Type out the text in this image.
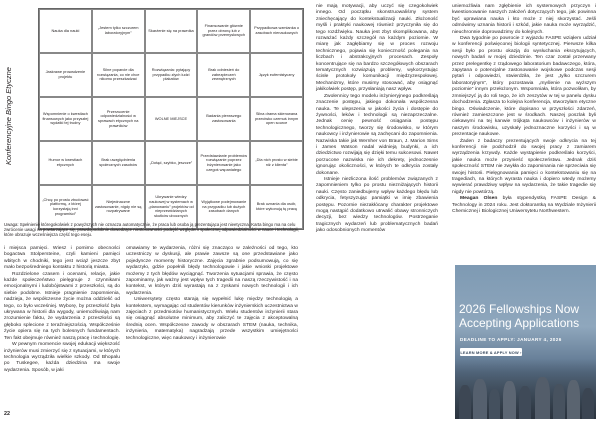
Konferencyjne Bingo Etyczne
Nauka dla nauki	„Jestem tylko szczurem laboratoryjnym”	Skarżenie się na prawnika
Finansowanie głównie przez obronę lub z grandów przemysłowych
Przypadkowa wzmianka o zasobach nienaukowych
Jaskrawe prowadzenie projektu
Silne poparcie dla rozwiązania, co nie chce nikomu przeszkadzać
Rozwiązania: pytający przypadku złych ludzi plakatów
Brak odniesień do zabezpieczeń zewnętrznych
Język eufemistyczny
Wspomnienie o kwestiach finansowych jako przyszłej wydatki tej trudny
Przerzucenie odpowiedzialności w sprawach etycznych na prawników
WOLNE MIEJSCE	Badania pierwszego zastosowania
Silna drama skierowana przeciwko czemuś innym open source
Humor w kwestiach etycznych
Brak uwzględnienia społecznych zasobów	„Dotąd, szybko, jeszcze”
Przedstawianie problemów rozwiązanie poprzez inżynierowanie jako czegoś wspaniałego
„Dla nich prosto w siebie niż z klienta”
„Chcę po prostu zbudować platformę, z której korzystają inni programiści”
Niejednaczne zastosowanie, nigdy nie są rozpatrywane
Ukrywanie wiedzy naukowej w systemach w „planowaniu” projektów od nieprzewidzianych skutków ubocznych
Wyjątkowe podejmowanie na przypadku lub dużych zasobach danych
Brak uznania dla osób, które wykonują tę pracę
Uwaga: Spełnienie któregokolwiek z powyższych nie oznacza automatycznie, że praca lub osoba ją prezentująca jest nieetyczna. Karta bingo ma na celu zwrócenie uwagi na powtarzające się, prawdopodobnie dowodzące niestosowności podejść względem społecznej odpowiedzialności w nauce i technologii, które obrazuje wcześniejsza część tego eseju.

i miejsca pamięci. Wiesz i pomimo obecności bogactwa Stolpersteine, czyli kamieni pamięci wbitych w chodniki, tego jest wciąż jeszcze zbyt mało bezpośredniego kontaktu z historią miasta.

Rozdzielone czasem i ocenami, relacje, jakie każde społeczeństwo pielęgnuje z czynnikami emocjonalnymi i ludobójstwami z przeszłości, są do siebie podobne. Istnieje pragnienie zapomnienia, nadzieja, że współczesne życie można oddzielić od tego, co było wcześniej. Wyborę, by przeszłość była ukrywana w historii dla wygody, uniemożliwiają nam zrozumienie faktu, że wydarzenia z przeszłości są głęboko splecione z teraźniejszością. Współcześnie życie opiera się na tych bolesnych fundamentach. Ten fakt obejmuje również naszą pracę i technologię.

W pewnym momencie swojej edukacji większość inżynierów musi zmierzyć się z sytuacjami, w których technologia wyrządziła wielkie szkody. Od Bhopalu po Tuskegee, każda dziedzina ma swoje wydarzenia. Sposób, w jaki

omawiamy te wydarzenia, różni się znacząco w zależności od tego, kto uczestniczy w dyskusji, ale prawie zawsze są one przedstawiane jako pojedyncze momenty historyczne. Zajęcia zgrabnie podsumowują, co się wydarzyło, gdzie popełnili błędy technologowie i jakie wnioski projektowe możemy z tych błędów wyciągnąć. Tworzenia sytuacjami sprawia, że często zapominamy, jak ważny jest wpływ tych tragedii na naszą rzeczywistość i na kontekst, w którym dziś wyrastają na z zyskami nowych technologii i ich wydarzenia.

Uniwersytety często starają się wypełnić lukę między technologią a kontekstem, wymagając od studentów kierunków inżynierskich uczestnictwa w zajęciach z przedmiotów humanistycznych. Wielu studentów inżynierii stara się osiągnąć absolutne minimum, aby zaliczyć te zajęcia z akceptowalną średnią ocen. Współczesne zawody w obszarach STEM (nauka, technika, inżynieria, matematyka) nagradzają przede wszystkim umiejętności technologiczne, więc naukowcy i inżynierowie

nie mają motywacji, aby uczyć się czegokolwiek innego. Od początku skonstruowaliśmy system zniechęcający do kontekstualizacji nauki. Złożoność myśli i praktyki naukowej również przyczyniła się do tego rozdźwięku. Nauka jest zbyt skomplikowana, aby rozważać każdy szczegół na każdym poziomie. W miarę jak zagłębiamy się w proces rozwoju technicznego, pojawia się konieczność polegania na liczbach i abstrakcyjnych procesach. Zespoły koncentrujące się na bardzo szczegółowych obszarach tematycznych rozwiązują problemy, wykorzystując ścisłe protokoły komunikacji międzyzespołowej. Mechanizmy, które musimy stosować, aby osiągnąć jakikolwiek postęp, przysłaniają nasz wpływ.

Zwolennicy tego modelu inżynieryjnego podkreślają znaczenie postępu, jakiego dokonała współczesna nauka. Te ulepszenia w jakości życia i dostępie do żywności, leków i technologii są niezaprzeczalne. Jednak cenię pewność osiągania postępu technologicznego, tworzy się środowisko, w którym naukowcy i inżynierowie są zachęcani do zapomnienia. Nazwiska takie jak Wernher von Braun, J. Marion Sims i James Watson nadal widnieją budynki, a ich dziedzictwo rozwijają się dzięki temu sukcesowi. Nawet porzucone nazwiska nie ich dekrety, jednoczesnie ignorując okoliczności, w których te odkrycia zostały dokonane.

Istnieje niezliczona ilość problemów związanych z zapomnieniem tylko po prostu niezniżających historii nauki. Często zaniedbujemy wpływ każdego błędu lub odkrycia, fetyszyzując pamiątki w imię zbawienia postępu. Pozornie niezakłócany charakter projektowe mogą nastąpić dodatkowo utrwalić obawy stronniczych decyzji, bez wiedzy technologów. Postrzeganie tragicznych wydarzeń lub problematycznych badań jako odosobnionych momentów

uniemożliwia nam zgłębienie ich systemowych przyczyn i kwestionowanie naszych założeń dotyczących tego, jak powinna być uprawiana nauka i kto może z niej skorzystać. Jeśli odmówimy uznania historii i szkód, jakie nauka może wyrządzić, nieuchronnie doprowadzimy do kolejnych.

Dwa tygodnie po powrocie z wyjazdu FASPE wziąłem udział w konferencji poświęconej biologii syntetycznej. Pierwsze kilka sesji było po prostu okazją do wysłuchania ekscytujących, nowych badań w mojej dziedzinie. Ten czar został przerwany przez prelegentkę z rządowego laboratorium badawczego, która, zapytana o potencjalne zastosowanie wojskowe podczas sesji pytań i odpowiedzi, stwierdziła, że jest „tylko szczurem laboratoryjnym”, który pozostawia „myślenie na wyższym poziomie” innym przełożonym. Wspomniała, która pozwoliłam, by zmniejszyć ją do roli tego, że ich zeszytów w tej w panelu dysku dochodzenia. Zgłasza to kolejna konferencja, stworzyłam etyczne bingo. Oświadczenie, które dopisano w przyszłości zdarzeń, również zamieszczone jest w środkach. Naszej poszlak byli ciekawymi na tej kanwie trójkąta naukowców i inżynierów w naszym środowisku, uzyskały jednoznaczne korzyści i są w prezentacje naukowe.

Żaden z badaczy prezentujących swoje odkrycia na tej konferencji nie podchodził do swojej pracy z zamiarem wyrządzenia krzywdy. Każde wystąpienie podkreślało korzyści, jakie nauka może przynieść społeczeństwu. Jednak dziś społeczność STEM nie zwykła do zapominania nie sprzeciwia się swojej historii. Pielęgnowania pamięci o kontekstowaniu się na tragediach, na których wyrasta nauka i dopiero wtedy możemy wywierać prawdziwy wpływ na wydarzenia, że takie tragedie się nigdy nie powtórzą.

Meagan Olsen była stypendystką FASPE Design & Technology in 2024 roku. Jest doktorantką na Wydziale Inżynierii Chemicznej i Biologicznej Uniwersytetu Northwestern.

2026 Fellowships Now Accepting Applications
DEADLINE TO APPLY: JANUARY 4, 2026
LEARN MORE & APPLY NOW ›
22
